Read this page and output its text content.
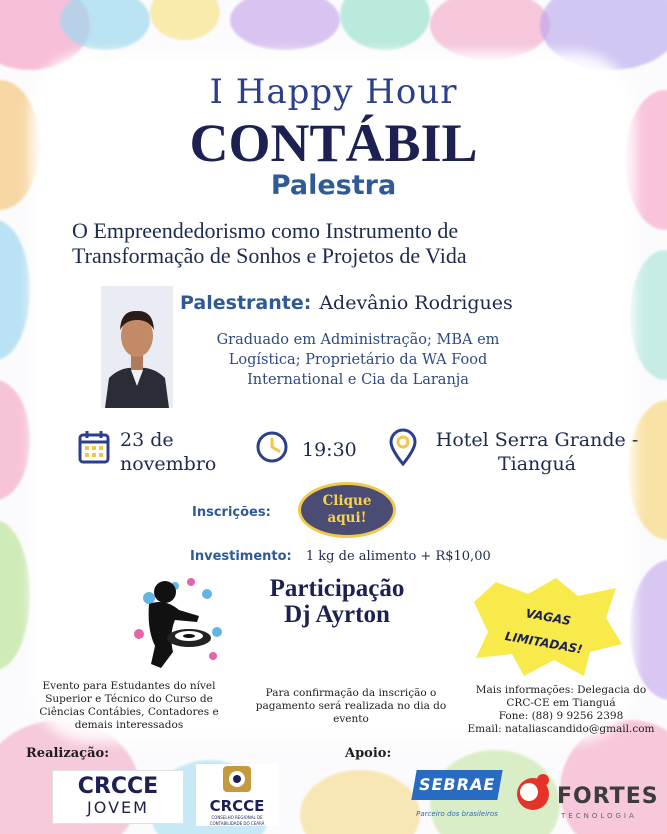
I Happy Hour
CONTÁBIL
Palestra
O Empreendedorismo como Instrumento de Transformação de Sonhos e Projetos de Vida
Palestrante: Adevânio Rodrigues
Graduado em Administração; MBA em Logística; Proprietário da WA Food International e Cia da Laranja
23 de
novembro
19:30	Hotel Serra Grande -
Tianguá
Inscrições:
Clique
aqui!
Investimento: 1 kg de alimento + R$10,00
Participação
Dj Ayrton	VAGAS
LIMITADAS!
Evento para Estudantes do nível Superior e Técnico do Curso de Ciências Contábies, Contadores e demais interessados
Para confirmação da inscrição o pagamento será realizada no dia do evento
Mais informações: Delegacia do
CRC-CE em Tianguá
Fone: (88) 9 9256 2398
Email: nataliascandido@gmail.com
Realização:	Apoio:
CRCCE
JOVEM	CRCCE
CONSELHO REGIONAL DE CONTABILIDADE DO CEARÁ
SEBRAE
Parceiro dos brasileiros
FORTES
TECNOLOGIA
